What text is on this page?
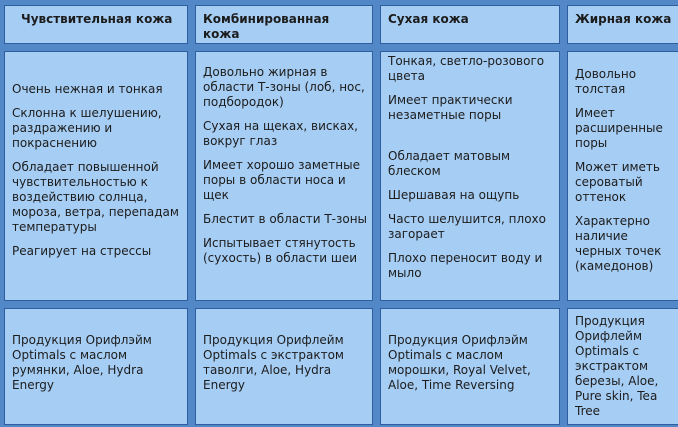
Чувствительная кожа	Комбинированная кожа
Сухая кожа	Жирная кожа

Очень нежная и тонкая

Склонна к шелушению, раздражению и покраснению

Обладает повышенной чувствительностью к воздействию солнца, мороза, ветра, перепадам температуры

Реагирует на стрессы

Довольно жирная в области Т-зоны (лоб, нос, подбородок)

Сухая на щеках, висках, вокруг глаз

Имеет хорошо заметные поры в области носа и щек

Блестит в области Т-зоны

Испытывает стянутость (сухость) в области шеи

Тонкая, светло-розового цвета

Имеет практически незаметные поры

Обладает матовым блеском

Шершавая на ощупь

Часто шелушится, плохо загорает

Плохо переносит воду и мыло

Довольно толстая

Имеет расширенные поры

Может иметь сероватый оттенок

Характерно наличие черных точек (камедонов)

Продукция Орифлэйм Optimals с маслом румянки, Aloe, Hydra Energy
Продукция Орифлейм Optimals с экстрактом таволги, Aloe, Hydra Energy
Продукция Орифлэйм Optimals с маслом морошки, Royal Velvet, Aloe, Time Reversing
Продукция Орифлейм Optimals с экстрактом березы, Aloe, Pure skin, Tea Tree
